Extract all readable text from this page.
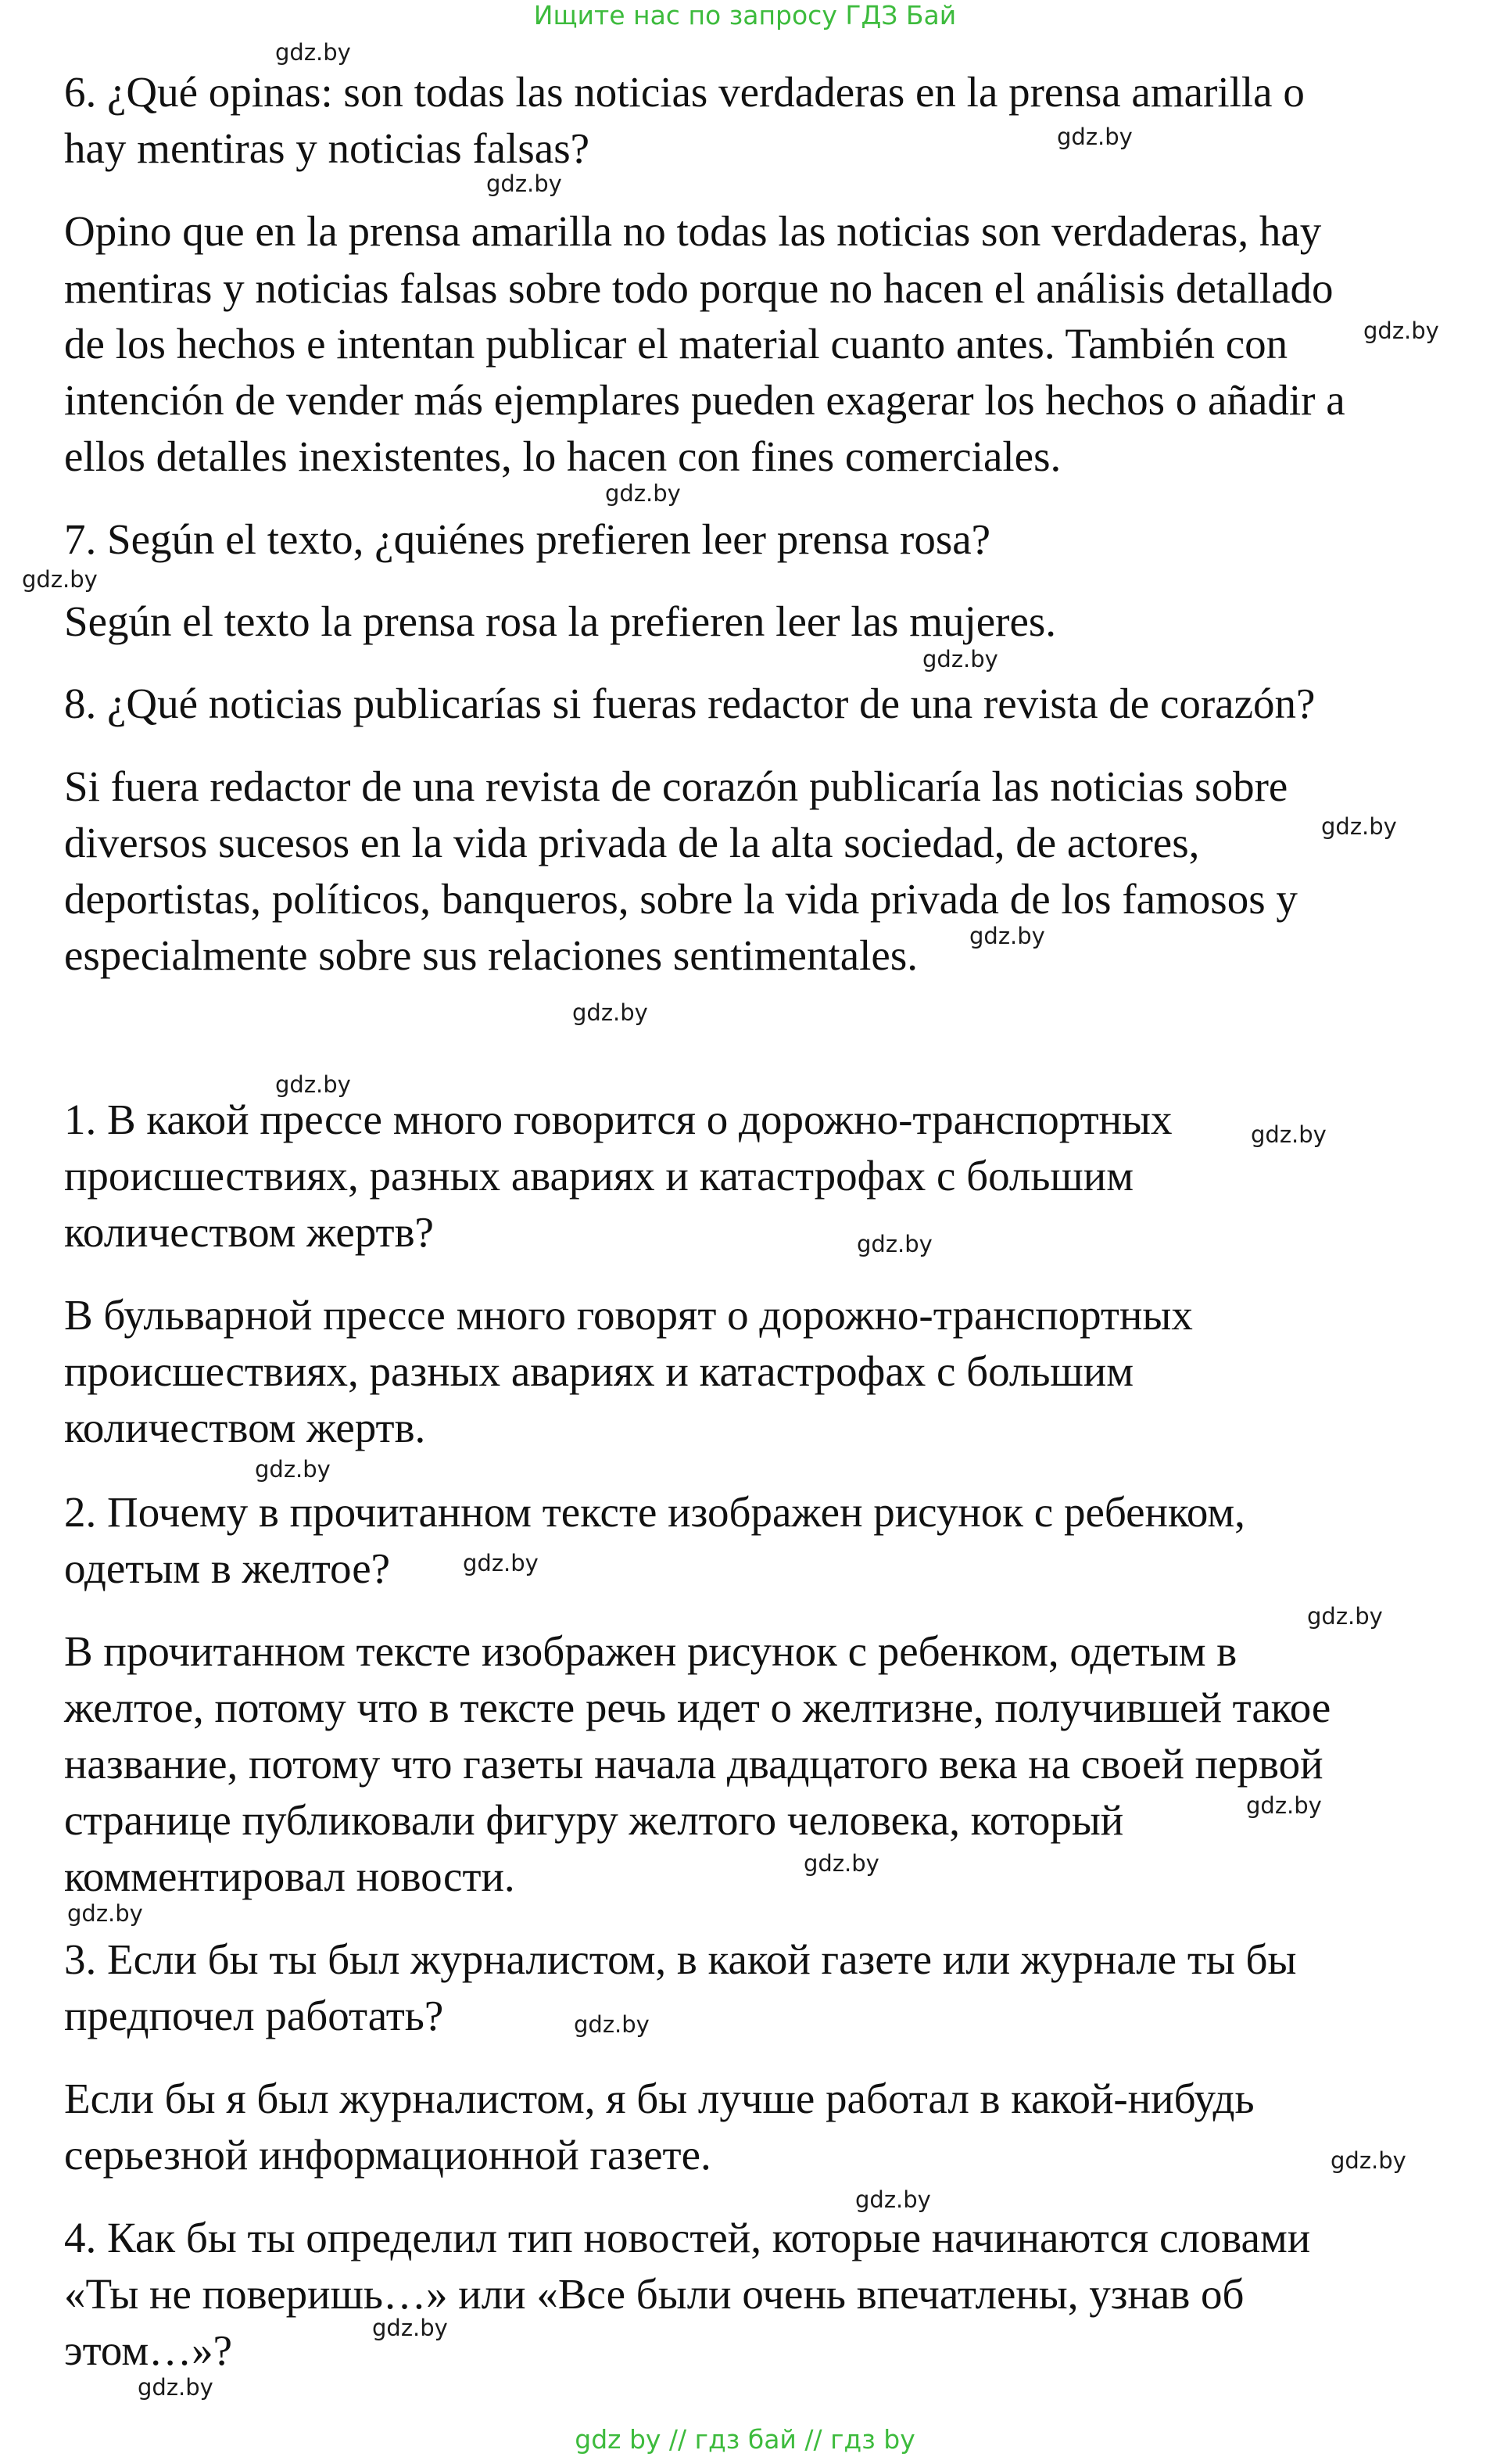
Ищите нас по запросу ГДЗ Бай
6. ¿Qué opinas: son todas las noticias verdaderas en la prensa amarilla o
hay mentiras y noticias falsas?
Opino que en la prensa amarilla no todas las noticias son verdaderas, hay
mentiras y noticias falsas sobre todo porque no hacen el análisis detallado
de los hechos e intentan publicar el material cuanto antes. También con
intención de vender más ejemplares pueden exagerar los hechos o añadir a
ellos detalles inexistentes, lo hacen con fines comerciales.
7. Según el texto, ¿quiénes prefieren leer prensa rosa?
Según el texto la prensa rosa la prefieren leer las mujeres.
8. ¿Qué noticias publicarías si fueras redactor de una revista de corazón?
Si fuera redactor de una revista de corazón publicaría las noticias sobre
diversos sucesos en la vida privada de la alta sociedad, de actores,
deportistas, políticos, banqueros, sobre la vida privada de los famosos y
especialmente sobre sus relaciones sentimentales.
1. В какой прессе много говорится о дорожно-транспортных
происшествиях, разных авариях и катастрофах с большим
количеством жертв?
В бульварной прессе много говорят о дорожно-транспортных
происшествиях, разных авариях и катастрофах с большим
количеством жертв.
2. Почему в прочитанном тексте изображен рисунок с ребенком,
одетым в желтое?
В прочитанном тексте изображен рисунок с ребенком, одетым в
желтое, потому что в тексте речь идет о желтизне, получившей такое
название, потому что газеты начала двадцатого века на своей первой
странице публиковали фигуру желтого человека, который
комментировал новости.
3. Если бы ты был журналистом, в какой газете или журнале ты бы
предпочел работать?
Если бы я был журналистом, я бы лучше работал в какой-нибудь
серьезной информационной газете.
4. Как бы ты определил тип новостей, которые начинаются словами
«Ты не поверишь…» или «Все были очень впечатлены, узнав об
этом…»?
gdz.by
gdz.by
gdz.by
gdz.by
gdz.by
gdz.by
gdz.by
gdz.by
gdz.by
gdz.by
gdz.by
gdz.by
gdz.by
gdz.by
gdz.by
gdz.by
gdz.by
gdz.by
gdz.by
gdz.by
gdz.by
gdz.by
gdz.by
gdz.by
gdz by // гдз бай // гдз by
